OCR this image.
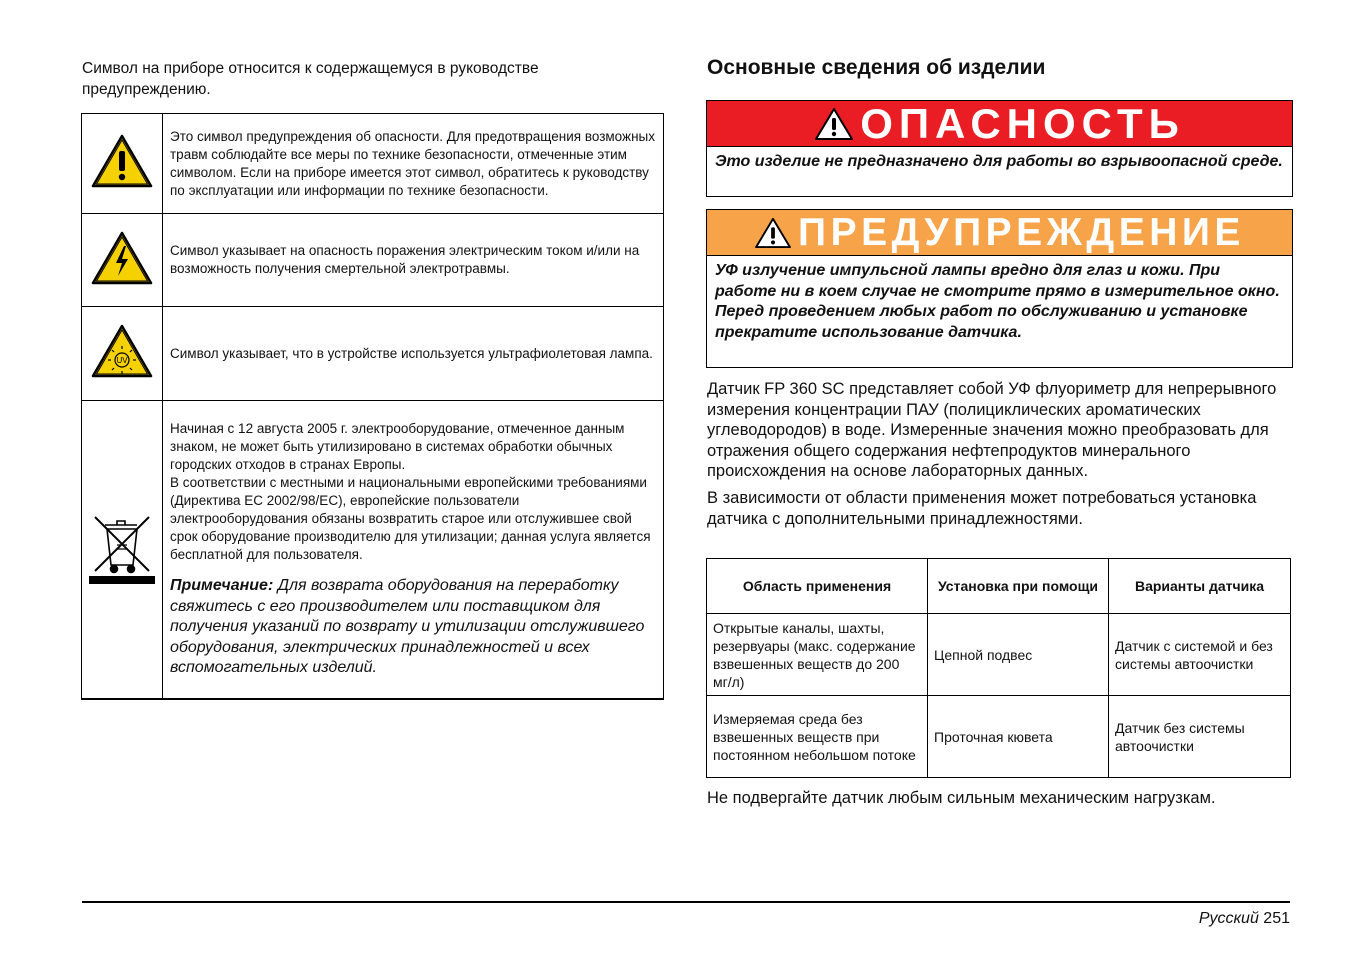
Символ на приборе относится к содержащемуся в руководстве предупреждению.
	Это символ предупреждения об опасности. Для предотвращения возможных травм соблюдайте все меры по технике безопасности, отмеченные этим символом. Если на приборе имеется этот символ, обратитесь к руководству по эксплуатации или информации по технике безопасности.
	Символ указывает на опасность поражения электрическим током и/или на возможность получения смертельной электротравмы.

UV	Символ указывает, что в устройстве используется ультрафиолетовая лампа.

Начиная с 12 августа 2005 г. электрооборудование, отмеченное данным знаком, не может быть утилизировано в системах обработки обычных городских отходов в странах Европы.
В соответствии с местными и национальными европейскими требованиями (Директива ЕС 2002/98/ЕС), европейские пользователи электрооборудования обязаны возвратить старое или отслужившее свой срок оборудование производителю для утилизации; данная услуга является бесплатной для пользователя.
Примечание: Для возврата оборудования на переработку свяжитесь с его производителем или поставщиком для получения указаний по возврату и утилизации отслужившего оборудования, электрических принадлежностей и всех вспомогательных изделий.
Основные сведения об изделии
ОПАСНОСТЬ
Это изделие не предназначено для работы во взрывоопасной среде.
ПРЕДУПРЕЖДЕНИЕ
УФ излучение импульсной лампы вредно для глаз и кожи. При работе ни в коем случае не смотрите прямо в измерительное окно. Перед проведением любых работ по обслуживанию и установке прекратите использование датчика.
Датчик FP 360 SC представляет собой УФ флуориметр для непрерывного измерения концентрации ПАУ (полициклических ароматических углеводородов) в воде. Измеренные значения можно преобразовать для отражения общего содержания нефтепродуктов минерального происхождения на основе лабораторных данных.
В зависимости от области применения может потребоваться установка датчика с дополнительными принадлежностями.
Область применения	Установка при помощи	Варианты датчика
Открытые каналы, шахты, резервуары (макс. содержание взвешенных веществ до 200 мг/л)	Цепной подвес	Датчик с системой и без системы автоочистки
Измеряемая среда без взвешенных веществ при постоянном небольшом потоке	Проточная кювета	Датчик без системы автоочистки
Не подвергайте датчик любым сильным механическим нагрузкам.
Русский 251
